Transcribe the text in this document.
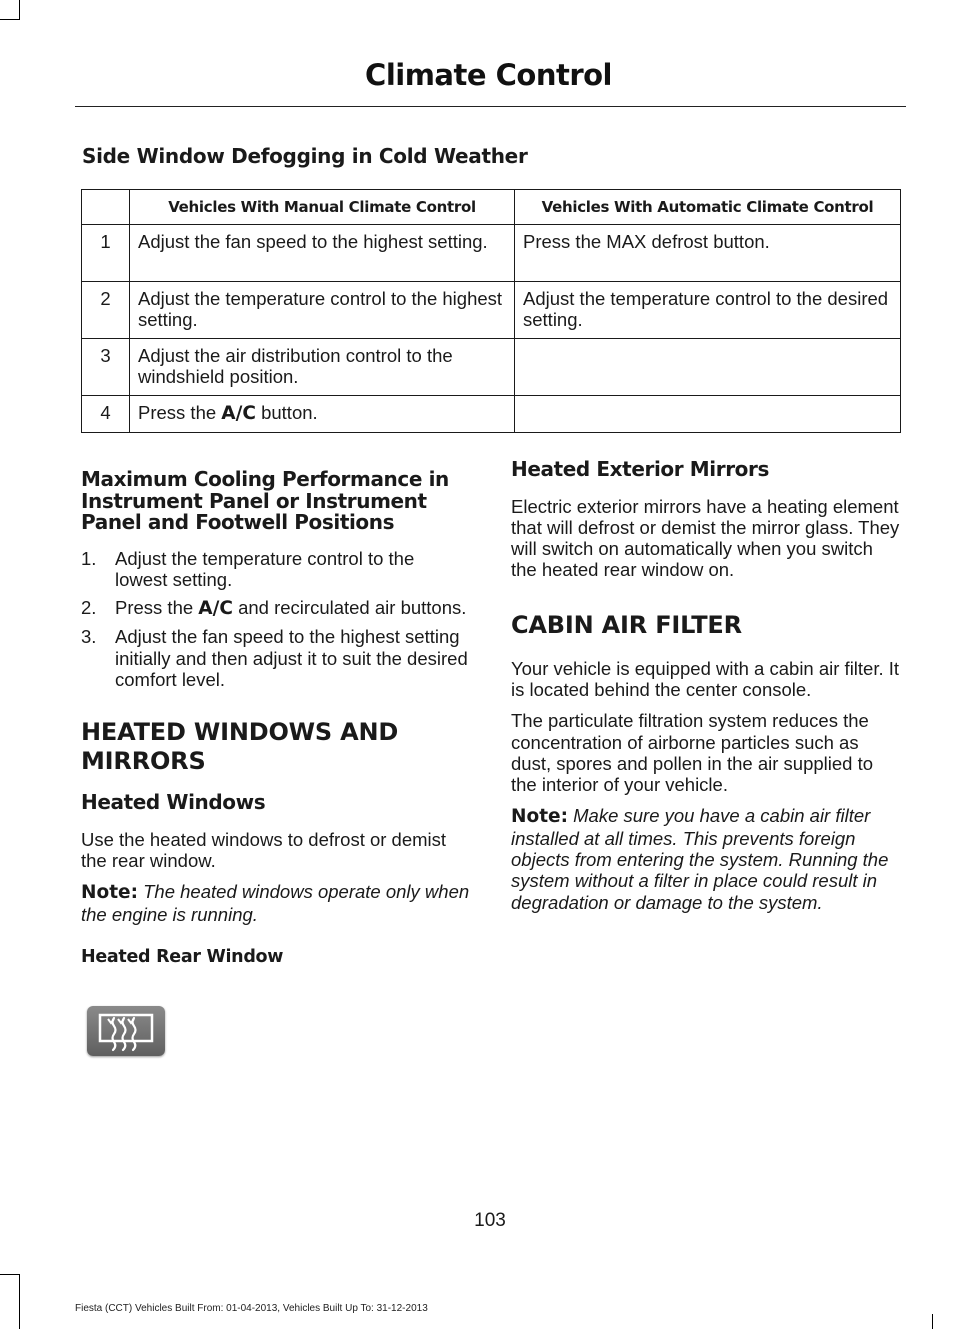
Climate Control
Side Window Defogging in Cold Weather
	Vehicles With Manual Climate Control	Vehicles With Automatic Climate Control
1	Adjust the fan speed to the highest setting.	Press the MAX defrost button.
2	Adjust the temperature control to the highest setting.	Adjust the temperature control to the desired setting.
3	Adjust the air distribution control to the windshield position.	
4	Press the A/C button.	
Maximum Cooling Performance in Instrument Panel or Instrument Panel and Footwell Positions
1. Adjust the temperature control to the lowest setting.
2. Press the A/C and recirculated air buttons.
3. Adjust the fan speed to the highest setting initially and then adjust it to suit the desired comfort level.
HEATED WINDOWS AND MIRRORS
Heated Windows

Use the heated windows to defrost or demist the rear window.

Note: The heated windows operate only when the engine is running.

Heated Rear Window
Heated Exterior Mirrors

Electric exterior mirrors have a heating element that will defrost or demist the mirror glass. They will switch on automatically when you switch the heated rear window on.

CABIN AIR FILTER

Your vehicle is equipped with a cabin air filter. It is located behind the center console.

The particulate filtration system reduces the concentration of airborne particles such as dust, spores and pollen in the air supplied to the interior of your vehicle.

Note: Make sure you have a cabin air filter installed at all times. This prevents foreign objects from entering the system. Running the system without a filter in place could result in degradation or damage to the system.

103
Fiesta (CCT) Vehicles Built From: 01-04-2013, Vehicles Built Up To: 31-12-2013
